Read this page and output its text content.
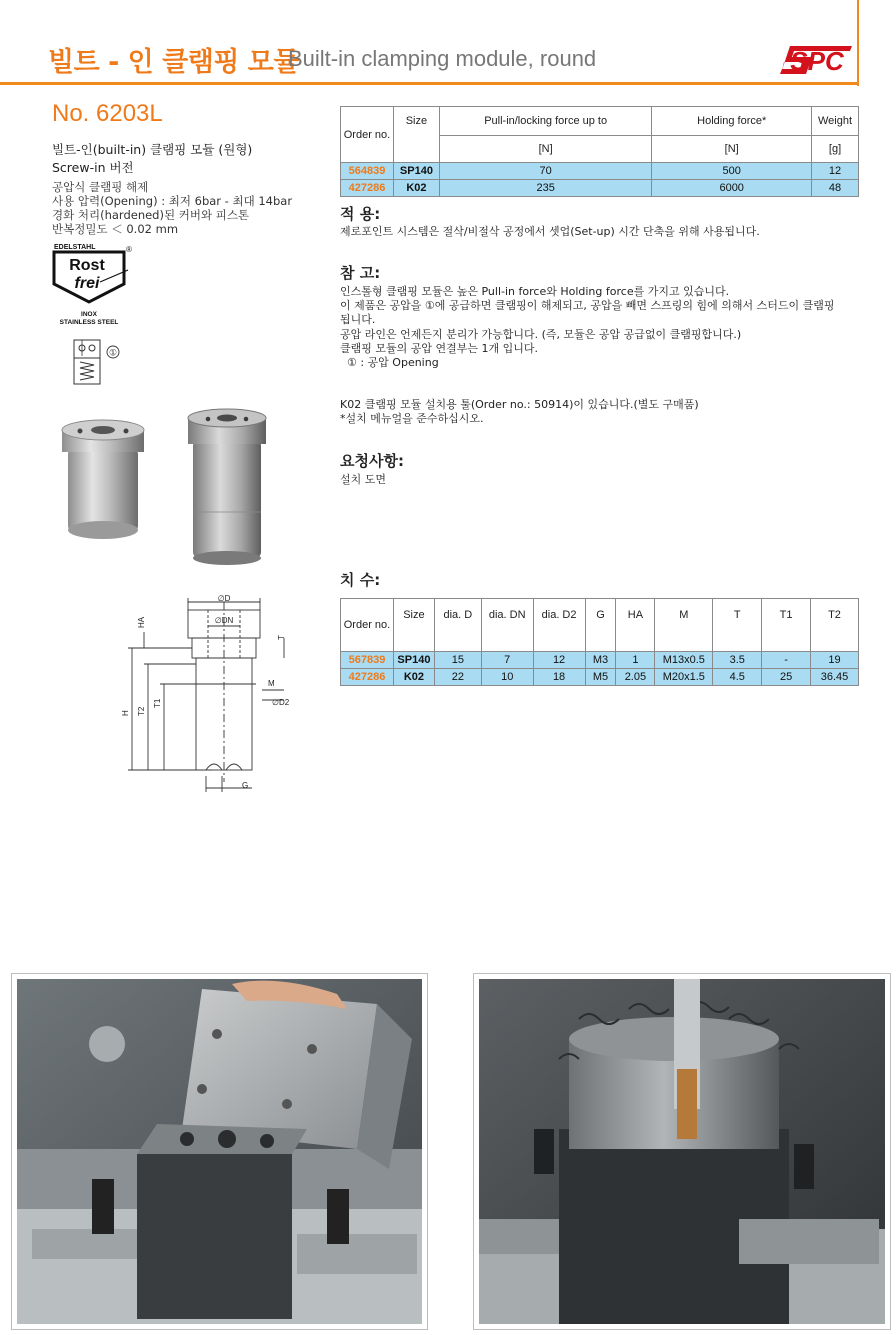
빌트 - 인 클램핑 모듈
Built-in clamping module, round	SPC
No. 6203L
빌트-인(built-in) 클램핑 모듈 (원형)
Screw-in 버전
공압식 클램핑 해제
사용 압력(Opening) : 최저 6bar - 최대 14bar
경화 처리(hardened)된 커버와 피스톤
반복정밀도 ＜ 0.02 mm
EDELSTAHL	®
Rost
frei
INOX
STAINLESS STEEL
①
∅D
∅DN
∅D2
HA
T
M
H T2
T1
G
Order no.	Size	Pull-in/locking force up to	Holding force*	Weight
		[N]	[N]	[g]
564839	SP140	70	500	12
427286	K02	235	6000	48
적 용:
제로포인트 시스템은 절삭/비절삭 공정에서 셋업(Set-up) 시간 단축을 위해 사용됩니다.
참 고:
인스톨형 클램핑 모듈은 높은 Pull-in force와 Holding force를 가지고 있습니다.
이 제품은 공압을 ①에 공급하면 클램핑이 해제되고, 공압을 빼면 스프링의 힘에 의해서 스터드이 클램핑
됩니다.
공압 라인은 언제든지 분리가 가능합니다. (즉, 모듈은 공압 공급없이 클램핑합니다.)
클램핑 모듈의 공압 연결부는 1개 입니다.
① : 공압 Opening
K02 클램핑 모듈 설치용 툴(Order no.: 50914)이 있습니다.(별도 구매품)
*설치 메뉴얼을 준수하십시오.
요청사항:
설치 도면
치 수:
Order no.	Size	dia. D	dia. DN	dia. D2	G	HA	M	T	T1	T2
567839	SP140	15	7	12	M3	1	M13x0.5	3.5	-	19
427286	K02	22	10	18	M5	2.05	M20x1.5	4.5	25	36.45
